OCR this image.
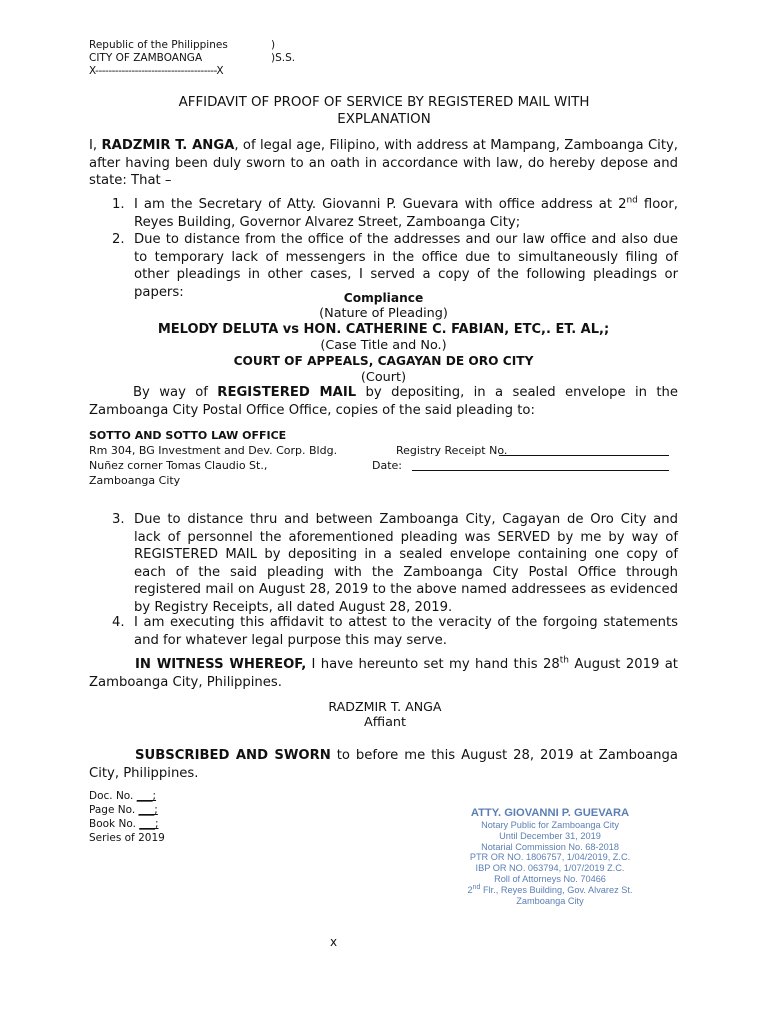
Republic of the Philippines	)
CITY OF ZAMBOANGA	)S.S.
X-------------------------------------X
AFFIDAVIT OF PROOF OF SERVICE BY REGISTERED MAIL WITH
EXPLANATION
I, RADZMIR T. ANGA, of legal age, Filipino, with address at Mampang, Zamboanga City, after having been duly sworn to an oath in accordance with law, do hereby depose and state: That –
1. I am the Secretary of Atty. Giovanni P. Guevara with office address at 2nd floor, Reyes Building, Governor Alvarez Street, Zamboanga City;
2. Due to distance from the office of the addresses and our law office and also due to temporary lack of messengers in the office due to simultaneously filing of other pleadings in other cases, I served a copy of the following pleadings or papers:	Compliance
(Nature of Pleading)
MELODY DELUTA vs HON. CATHERINE C. FABIAN, ETC,. ET. AL,;
(Case Title and No.)
COURT OF APPEALS, CAGAYAN DE ORO CITY
(Court)
By way of REGISTERED MAIL by depositing, in a sealed envelope in the Zamboanga City Postal Office Office, copies of the said pleading to:
SOTTO AND SOTTO LAW OFFICE
Rm 304, BG Investment and Dev. Corp. Bldg.	Registry Receipt No.
Nuñez corner Tomas Claudio St.,	Date:
Zamboanga City
3. Due to distance thru and between Zamboanga City, Cagayan de Oro City and lack of personnel the aforementioned pleading was SERVED by me by way of REGISTERED MAIL by depositing in a sealed envelope containing one copy of each of the said pleading with the Zamboanga City Postal Office through registered mail on August 28, 2019 to the above named addressees as evidenced by Registry Receipts, all dated August 28, 2019.
4. I am executing this affidavit to attest to the veracity of the forgoing statements and for whatever legal purpose this may serve.
IN WITNESS WHEREOF, I have hereunto set my hand this 28th August 2019 at Zamboanga City, Philippines.
RADZMIR T. ANGA
Affiant
SUBSCRIBED AND SWORN to before me this August 28, 2019 at Zamboanga City, Philippines.
Doc. No. ___;
Page No. ___;
Book No. ___;
Series of 2019
ATTY. GIOVANNI P. GUEVARA
Notary Public for Zamboanga City
Until December 31, 2019
Notarial Commission No. 68-2018
PTR OR NO. 1806757, 1/04/2019, Z.C.
IBP OR NO. 063794, 1/07/2019 Z.C.
Roll of Attorneys No. 70466
2nd Flr., Reyes Building, Gov. Alvarez St.
Zamboanga City
x
